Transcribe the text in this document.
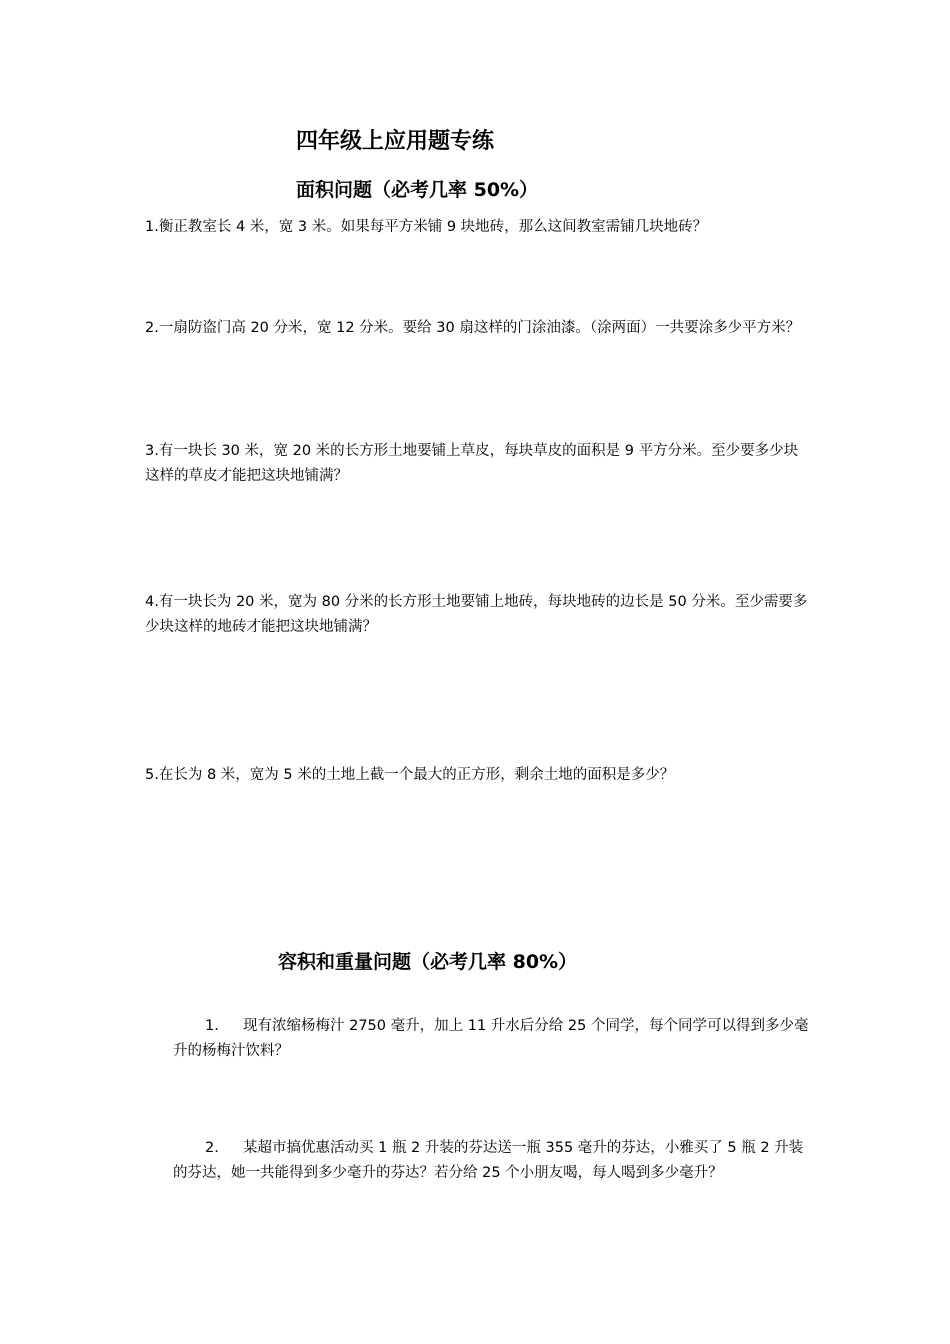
四年级上应用题专练
面积问题（必考几率 50%）

1.衡正教室长 4 米，宽 3 米。如果每平方米铺 9 块地砖，那么这间教室需铺几块地砖？

2.一扇防盗门高 20 分米，宽 12 分米。要给 30 扇这样的门涂油漆。（涂两面）一共要涂多少平方米？

3.有一块长 30 米，宽 20 米的长方形土地要铺上草皮，每块草皮的面积是 9 平方分米。至少要多少块这样的草皮才能把这块地铺满？

4.有一块长为 20 米，宽为 80 分米的长方形土地要铺上地砖，每块地砖的边长是 50 分米。至少需要多少块这样的地砖才能把这块地铺满？

5.在长为 8 米，宽为 5 米的土地上截一个最大的正方形，剩余土地的面积是多少？

容积和重量问题（必考几率 80%）

1. 现有浓缩杨梅汁 2750 毫升，加上 11 升水后分给 25 个同学，每个同学可以得到多少毫升的杨梅汁饮料？

2. 某超市搞优惠活动买 1 瓶 2 升装的芬达送一瓶 355 毫升的芬达，小雅买了 5 瓶 2 升装的芬达，她一共能得到多少毫升的芬达？若分给 25 个小朋友喝，每人喝到多少毫升？
